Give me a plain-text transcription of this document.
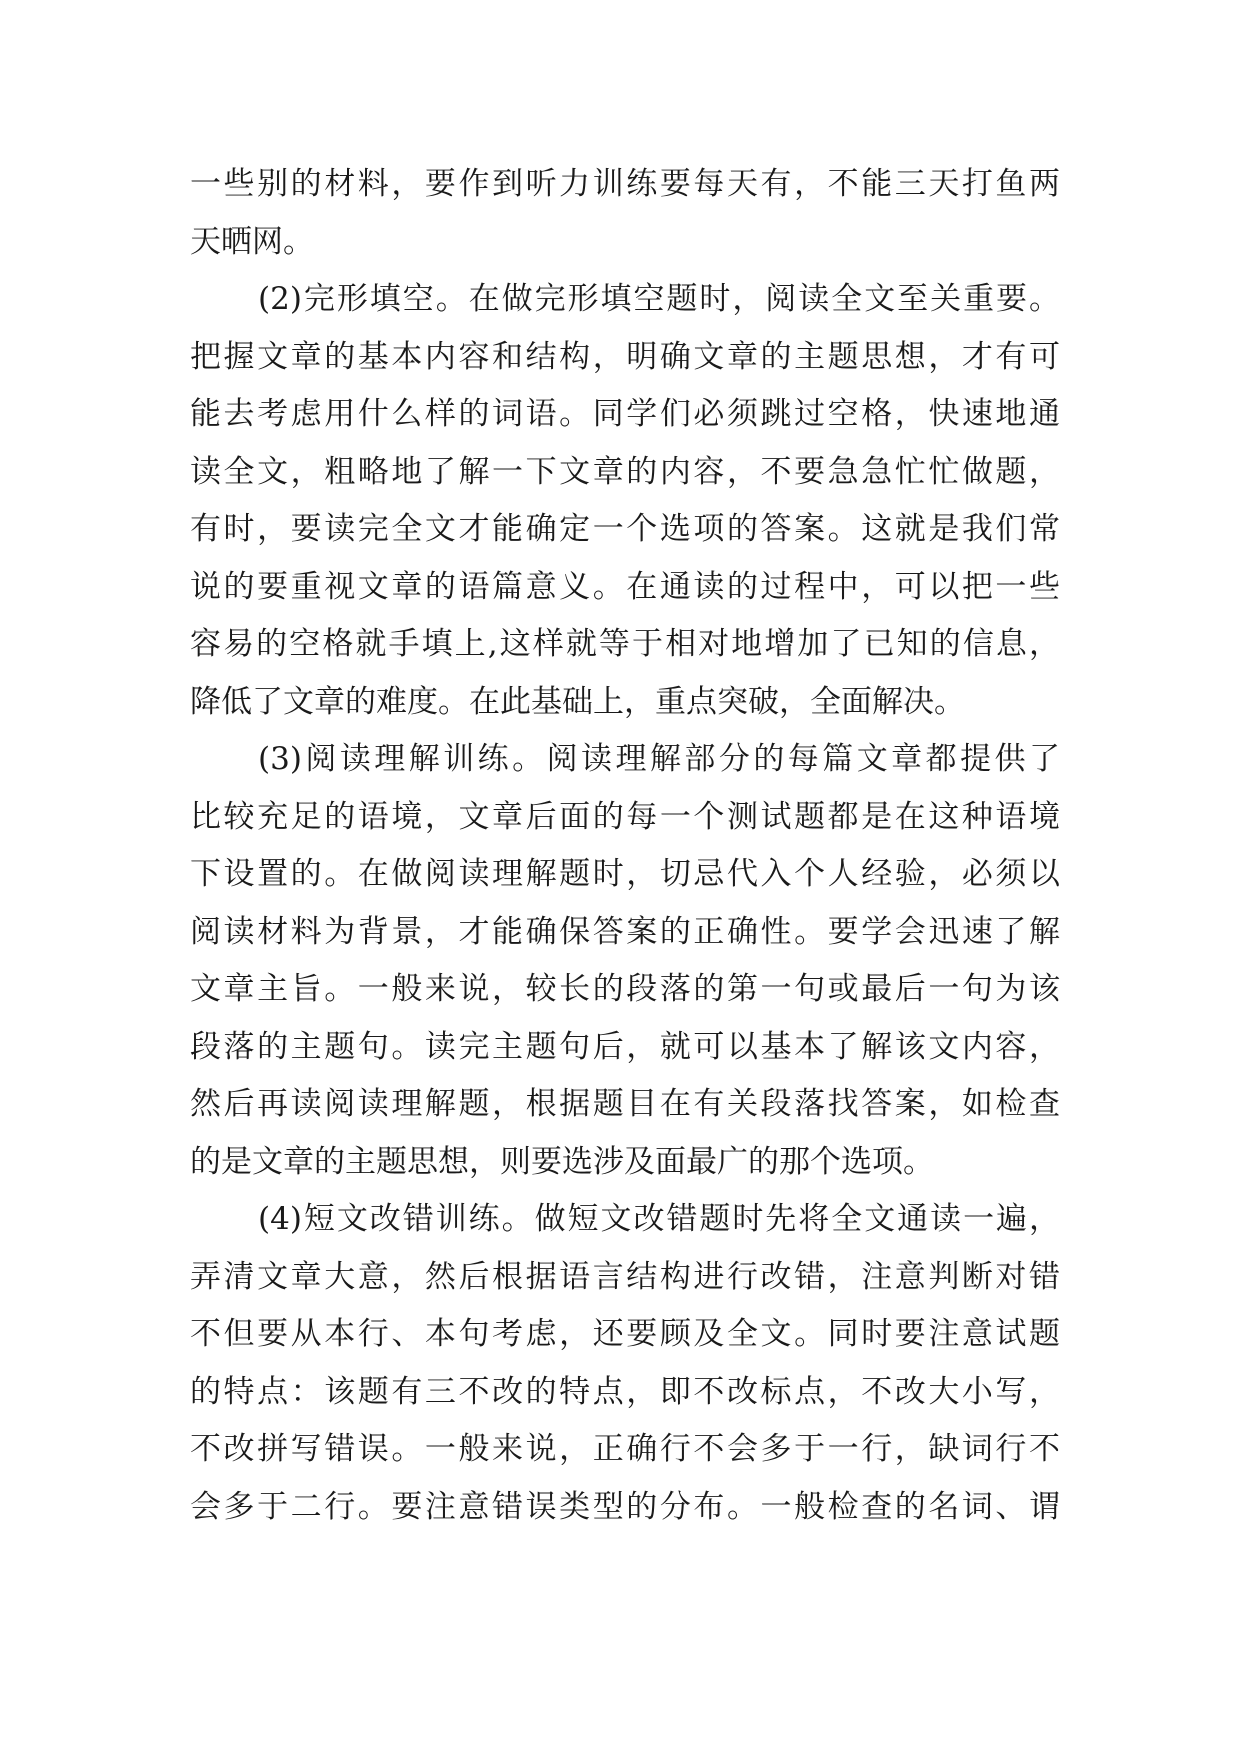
一些别的材料，要作到听力训练要每天有，不能三天打鱼两
天晒网。
(2)完形填空。在做完形填空题时，阅读全文至关重要。
把握文章的基本内容和结构，明确文章的主题思想，才有可
能去考虑用什么样的词语。同学们必须跳过空格，快速地通
读全文，粗略地了解一下文章的内容，不要急急忙忙做题，
有时，要读完全文才能确定一个选项的答案。这就是我们常
说的要重视文章的语篇意义。在通读的过程中，可以把一些
容易的空格就手填上,这样就等于相对地增加了已知的信息，
降低了文章的难度。在此基础上，重点突破，全面解决。
(3)阅读理解训练。阅读理解部分的每篇文章都提供了
比较充足的语境，文章后面的每一个测试题都是在这种语境
下设置的。在做阅读理解题时，切忌代入个人经验，必须以
阅读材料为背景，才能确保答案的正确性。要学会迅速了解
文章主旨。一般来说，较长的段落的第一句或最后一句为该
段落的主题句。读完主题句后，就可以基本了解该文内容，
然后再读阅读理解题，根据题目在有关段落找答案，如检查
的是文章的主题思想，则要选涉及面最广的那个选项。
(4)短文改错训练。做短文改错题时先将全文通读一遍，
弄清文章大意，然后根据语言结构进行改错，注意判断对错
不但要从本行、本句考虑，还要顾及全文。同时要注意试题
的特点：该题有三不改的特点，即不改标点，不改大小写，
不改拼写错误。一般来说，正确行不会多于一行，缺词行不
会多于二行。要注意错误类型的分布。一般检查的名词、谓
